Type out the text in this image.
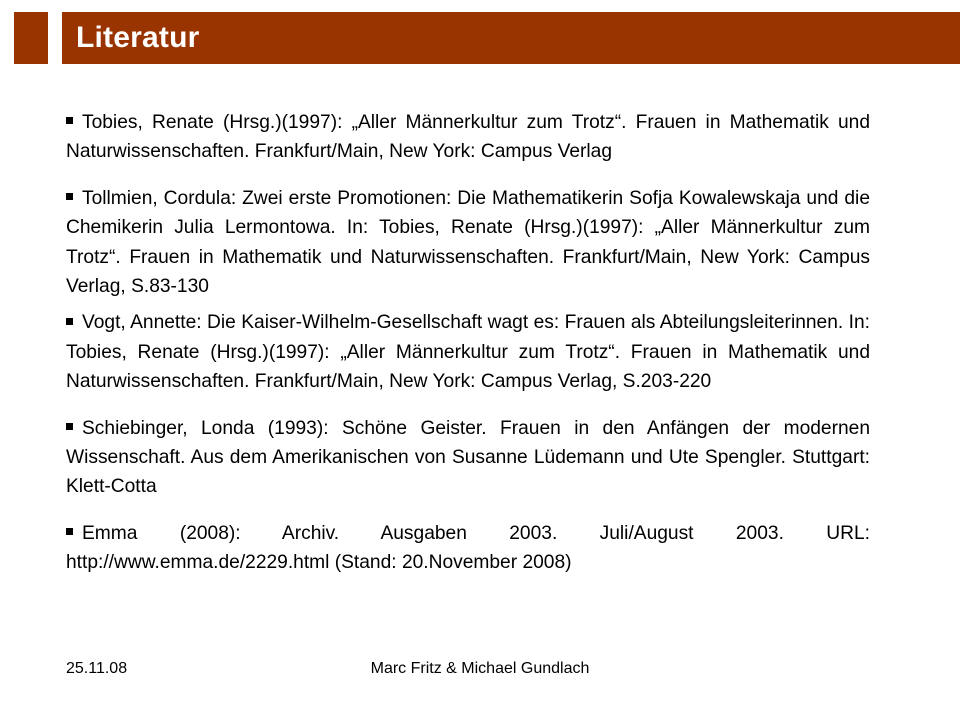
Literatur

Tobies, Renate (Hrsg.)(1997): „Aller Männerkultur zum Trotz“. Frauen in Mathematik und Naturwissenschaften. Frankfurt/Main, New York: Campus Verlag

Tollmien, Cordula: Zwei erste Promotionen: Die Mathematikerin Sofja Kowalewskaja und die Chemikerin Julia Lermontowa. In: Tobies, Renate (Hrsg.)(1997): „Aller Männerkultur zum Trotz“. Frauen in Mathematik und Naturwissenschaften. Frankfurt/Main, New York: Campus Verlag, S.83-130

Vogt, Annette: Die Kaiser-Wilhelm-Gesellschaft wagt es: Frauen als Abteilungsleiterinnen. In: Tobies, Renate (Hrsg.)(1997): „Aller Männerkultur zum Trotz“. Frauen in Mathematik und Naturwissenschaften. Frankfurt/Main, New York: Campus Verlag, S.203-220

Schiebinger, Londa (1993): Schöne Geister. Frauen in den Anfängen der modernen Wissenschaft. Aus dem Amerikanischen von Susanne Lüdemann und Ute Spengler. Stuttgart: Klett-Cotta

Emma (2008): Archiv. Ausgaben 2003. Juli/August 2003. URL: http://www.emma.de/2229.html (Stand: 20.November 2008)

25.11.08	Marc Fritz & Michael Gundlach
